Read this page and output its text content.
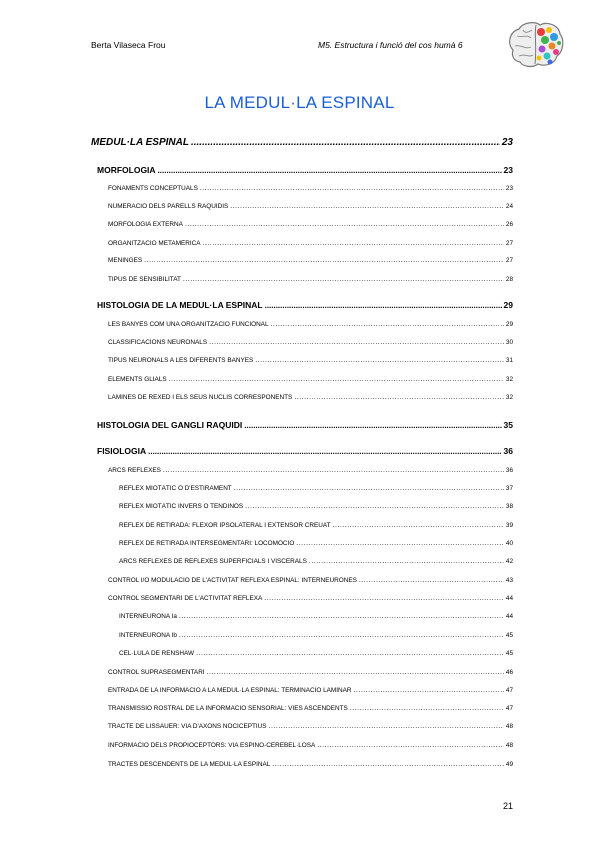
Berta Vilaseca Frou	M5. Estructura i funció del cos humà 6
LA MEDUL·LA ESPINAL
MEDUL·LA ESPINAL .....	23
MORFOLOGIA .....	23
FONAMENTS CONCEPTUALS .....	23
NUMERACIÓ DELS PARELLS RAQUIDIS .....	24
MORFOLOGIA EXTERNA .....	26
ORGANITZACIÓ METAMÈRICA .....	27
MENINGES .....	27
TIPUS DE SENSIBILITAT .....	28
HISTOLOGIA DE LA MEDUL·LA ESPINAL .....	29
LES BANYES COM UNA ORGANITZACIÓ FUNCIONAL .....	29
CLASSIFICACIONS NEURONALS .....	30
TIPUS NEURONALS A LES DIFERENTS BANYES .....	31
ELEMENTS GLIALS .....	32
LÀMINES DE REXED I ELS SEUS NUCLIS CORRESPONENTS .....	32
HISTOLOGIA DEL GANGLI RAQUIDI .....	35
FISIOLOGIA .....	36
ARCS REFLEXES .....	36
REFLEX MIOTÀTIC O D'ESTIRAMENT .....	37
REFLEX MIOTÀTIC INVERS O TENDINÓS .....	38
REFLEX DE RETIRADA: FLEXOR IPSOLATERAL I EXTENSOR CREUAT .....	39
REFLEX DE RETIRADA INTERSEGMENTARI: LOCOMOCIÓ .....	40
ARCS REFLEXES DE REFLEXES SUPERFICIALS I VISCERALS .....	42
CONTROL I/O MODULACIÓ DE L'ACTIVITAT REFLEXA ESPINAL: INTERNEURONES .....	43
CONTROL SEGMENTARI DE L'ACTIVITAT REFLEXA .....	44
INTERNEURONA Ia .....	44
INTERNEURONA Ib .....	45
CÈL·LULA DE RENSHAW .....	45
CONTROL SUPRASEGMENTARI .....	46
ENTRADA DE LA INFORMACIÓ A LA MEDUL·LA ESPINAL: TERMINACIÓ LAMINAR .....	47
TRANSMISSIÓ ROSTRAL DE LA INFORMACIÓ SENSORIAL: VIES ASCENDENTS .....	47
TRACTE DE LISSAUER: VIA D'AXONS NOCICEPTIUS .....	48
INFORMACIÓ DELS PROPIOCEPTORS: VIA ESPINO-CEREBEL·LOSA .....	48
TRACTES DESCENDENTS DE LA MEDUL·LA ESPINAL .....	49
21
